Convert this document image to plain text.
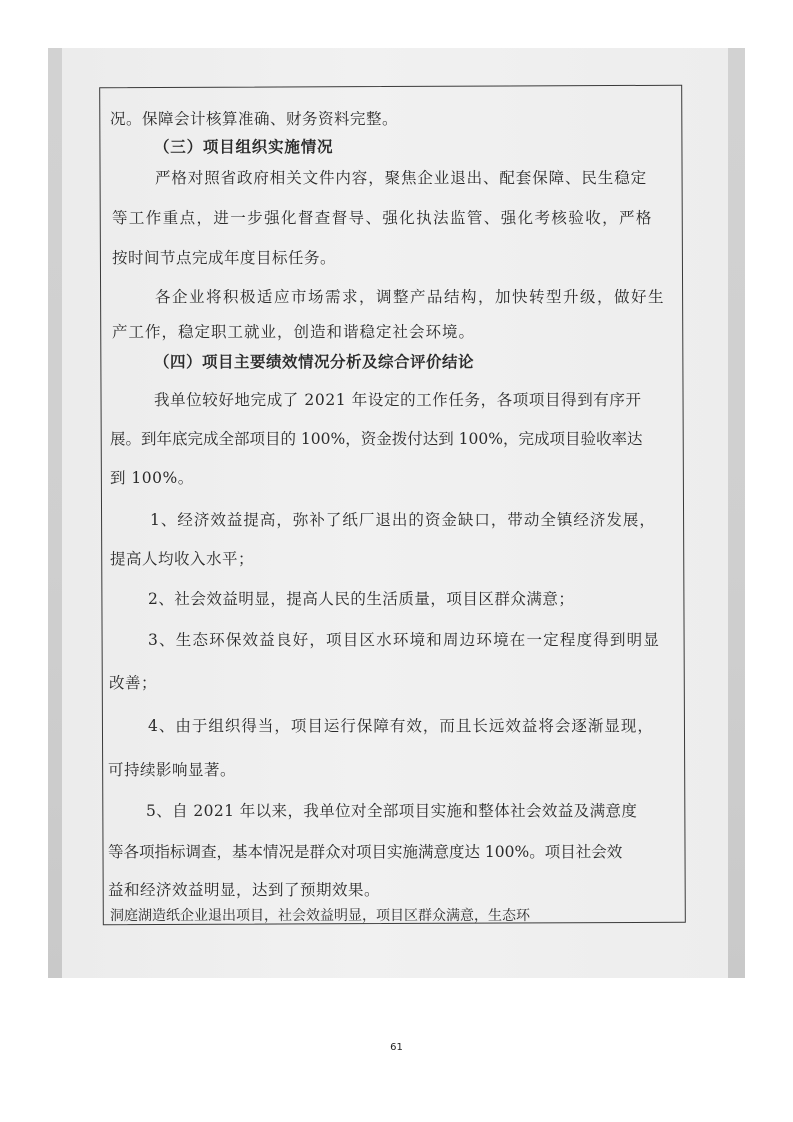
况。保障会计核算准确、财务资料完整。

（三）项目组织实施情况

严格对照省政府相关文件内容，聚焦企业退出、配套保障、民生稳定

等工作重点，进一步强化督查督导、强化执法监管、强化考核验收，严格

按时间节点完成年度目标任务。

各企业将积极适应市场需求，调整产品结构，加快转型升级，做好生

产工作，稳定职工就业，创造和谐稳定社会环境。

（四）项目主要绩效情况分析及综合评价结论

我单位较好地完成了 2021 年设定的工作任务，各项项目得到有序开

展。到年底完成全部项目的 100%，资金拨付达到 100%，完成项目验收率达

到 100%。

1、经济效益提高，弥补了纸厂退出的资金缺口，带动全镇经济发展，

提高人均收入水平；

2、社会效益明显，提高人民的生活质量，项目区群众满意；

3、生态环保效益良好，项目区水环境和周边环境在一定程度得到明显

改善；

4、由于组织得当，项目运行保障有效，而且长远效益将会逐渐显现，

可持续影响显著。

5、自 2021 年以来，我单位对全部项目实施和整体社会效益及满意度

等各项指标调查，基本情况是群众对项目实施满意度达 100%。项目社会效

益和经济效益明显，达到了预期效果。

洞庭湖造纸企业退出项目，社会效益明显，项目区群众满意，生态环

61
